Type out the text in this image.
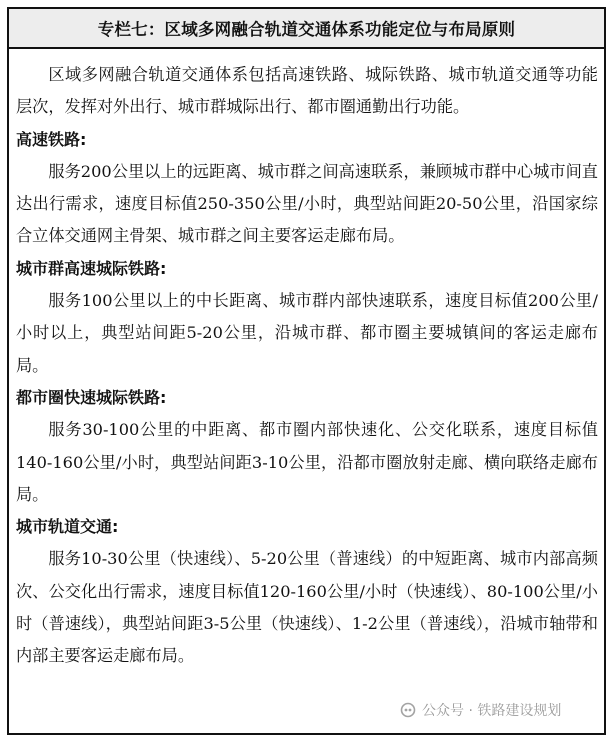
专栏七：区域多网融合轨道交通体系功能定位与布局原则

区域多网融合轨道交通体系包括高速铁路、城际铁路、城市轨道交通等功能层次，发挥对外出行、城市群城际出行、都市圈通勤出行功能。

高速铁路:

服务200公里以上的远距离、城市群之间高速联系，兼顾城市群中心城市间直达出行需求，速度目标值250-350公里/小时，典型站间距20-50公里，沿国家综合立体交通网主骨架、城市群之间主要客运走廊布局。

城市群高速城际铁路:

服务100公里以上的中长距离、城市群内部快速联系，速度目标值200公里/小时以上，典型站间距5-20公里，沿城市群、都市圈主要城镇间的客运走廊布局。

都市圈快速城际铁路:

服务30-100公里的中距离、都市圈内部快速化、公交化联系，速度目标值140-160公里/小时，典型站间距3-10公里，沿都市圈放射走廊、横向联络走廊布局。

城市轨道交通:

服务10-30公里（快速线）、5-20公里（普速线）的中短距离、城市内部高频次、公交化出行需求，速度目标值120-160公里/小时（快速线）、80-100公里/小时（普速线），典型站间距3-5公里（快速线）、1-2公里（普速线），沿城市轴带和内部主要客运走廊布局。

公众号 · 铁路建设规划
